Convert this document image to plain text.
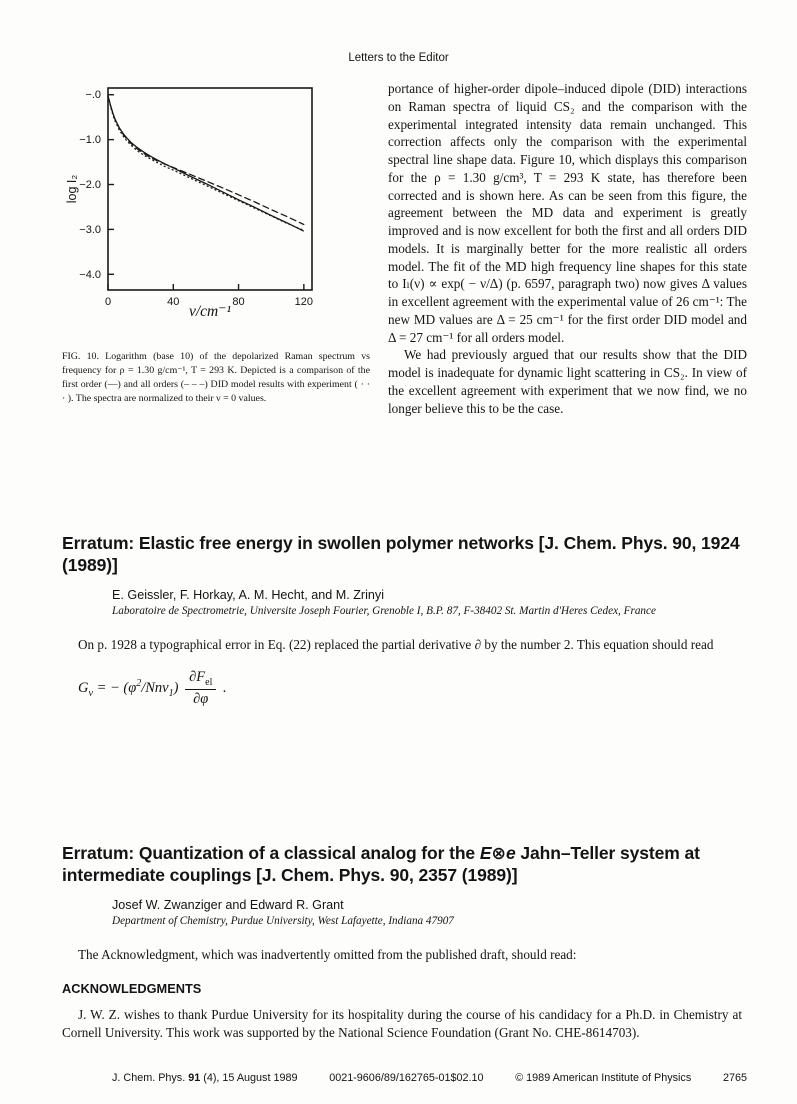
Letters to the Editor
0	40	80	120
−.0
−1.0
−2.0
−3.0
−4.0
log I₂
ν/cm⁻¹
FIG. 10. Logarithm (base 10) of the depolarized Raman spectrum vs frequency for ρ = 1.30 g/cm⁻¹, T = 293 K. Depicted is a comparison of the first order (—) and all orders (– – –) DID model results with experiment ( · · · ). The spectra are normalized to their ν = 0 values.

portance of higher-order dipole–induced dipole (DID) interactions on Raman spectra of liquid CS₂ and the comparison with the experimental integrated intensity data remain unchanged. This correction affects only the comparison with the experimental spectral line shape data. Figure 10, which displays this comparison for the ρ = 1.30 g/cm³, T = 293 K state, has therefore been corrected and is shown here. As can be seen from this figure, the agreement between the MD data and experiment is greatly improved and is now excellent for both the first and all orders DID models. It is marginally better for the more realistic all orders model. The fit of the MD high frequency line shapes for this state to Iₗ(ν) ∝ exp( − ν/Δ) (p. 6597, paragraph two) now gives Δ values in excellent agreement with the experimental value of 26 cm⁻¹: The new MD values are Δ = 25 cm⁻¹ for the first order DID model and Δ = 27 cm⁻¹ for all orders model.

We had previously argued that our results show that the DID model is inadequate for dynamic light scattering in CS₂. In view of the excellent agreement with experiment that we now find, we no longer believe this to be the case.

Erratum: Elastic free energy in swollen polymer networks [J. Chem. Phys. 90, 1924 (1989)]
E. Geissler, F. Horkay, A. M. Hecht, and M. Zrinyi
Laboratoire de Spectrometrie, Universite Joseph Fourier, Grenoble I, B.P. 87, F-38402 St. Martin d'Heres Cedex, France
On p. 1928 a typographical error in Eq. (22) replaced the partial derivative ∂ by the number 2. This equation should read
$G_v$ = − $(\varphi^2/Nnv_1) \frac{\partial F_{el}}{\partial\varphi}$ .
Erratum: Quantization of a classical analog for the E⊗e Jahn–Teller system at intermediate couplings [J. Chem. Phys. 90, 2357 (1989)]
Josef W. Zwanziger and Edward R. Grant
Department of Chemistry, Purdue University, West Lafayette, Indiana 47907
The Acknowledgment, which was inadvertently omitted from the published draft, should read:
ACKNOWLEDGMENTS
J. W. Z. wishes to thank Purdue University for its hospitality during the course of his candidacy for a Ph.D. in Chemistry at Cornell University. This work was supported by the National Science Foundation (Grant No. CHE-8614703).
J. Chem. Phys. 91 (4), 15 August 1989	0021-9606/89/162765-01$02.10	© 1989 American Institute of Physics	2765
